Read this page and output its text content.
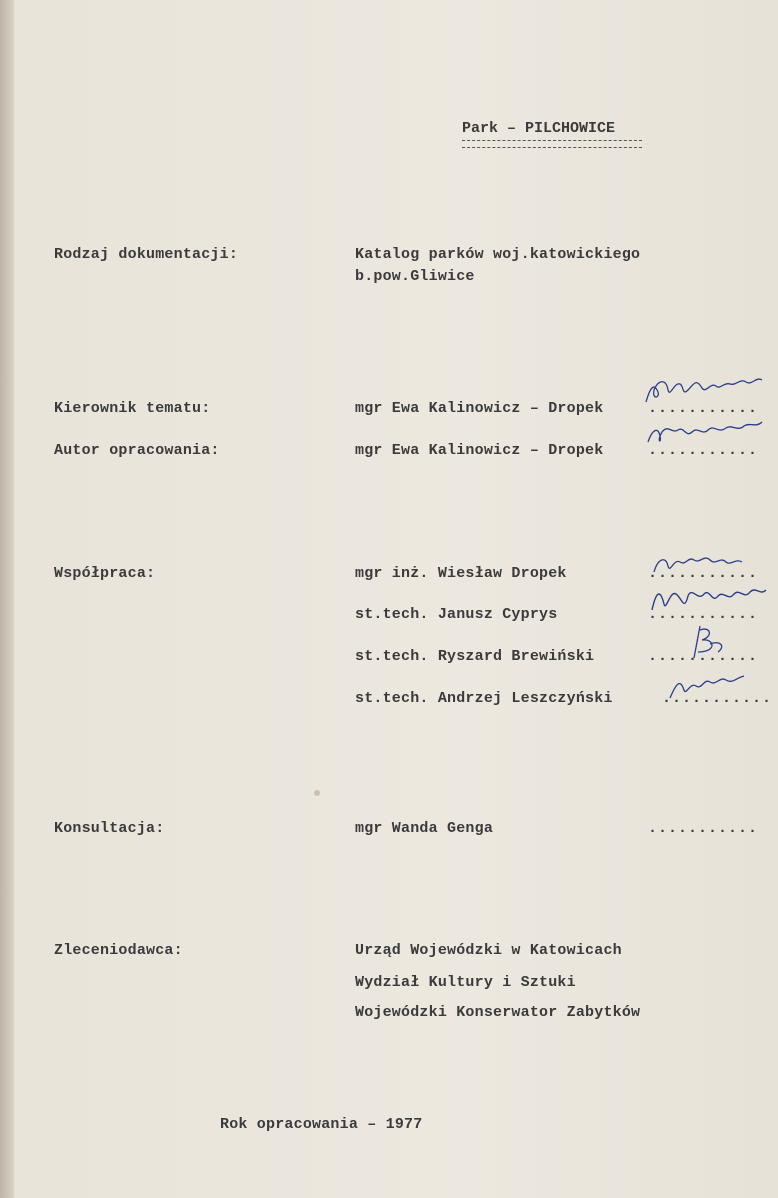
Park – PILCHOWICE
Rodzaj dokumentacji:	Katalog parków woj.katowickiego
b.pow.Gliwice
Kierownik tematu:	mgr Ewa Kalinowicz – Dropek	...........
Autor opracowania:	mgr Ewa Kalinowicz – Dropek	...........
Współpraca:	mgr inż. Wiesław Dropek	...........
st.tech. Janusz Cyprys	...........
st.tech. Ryszard Brewiński	...........
st.tech. Andrzej Leszczyński	...........
Konsultacja:	mgr Wanda Genga	...........
Zleceniodawca:	Urząd Wojewódzki w Katowicach
Wydział Kultury i Sztuki
Wojewódzki Konserwator Zabytków
Rok opracowania – 1977
